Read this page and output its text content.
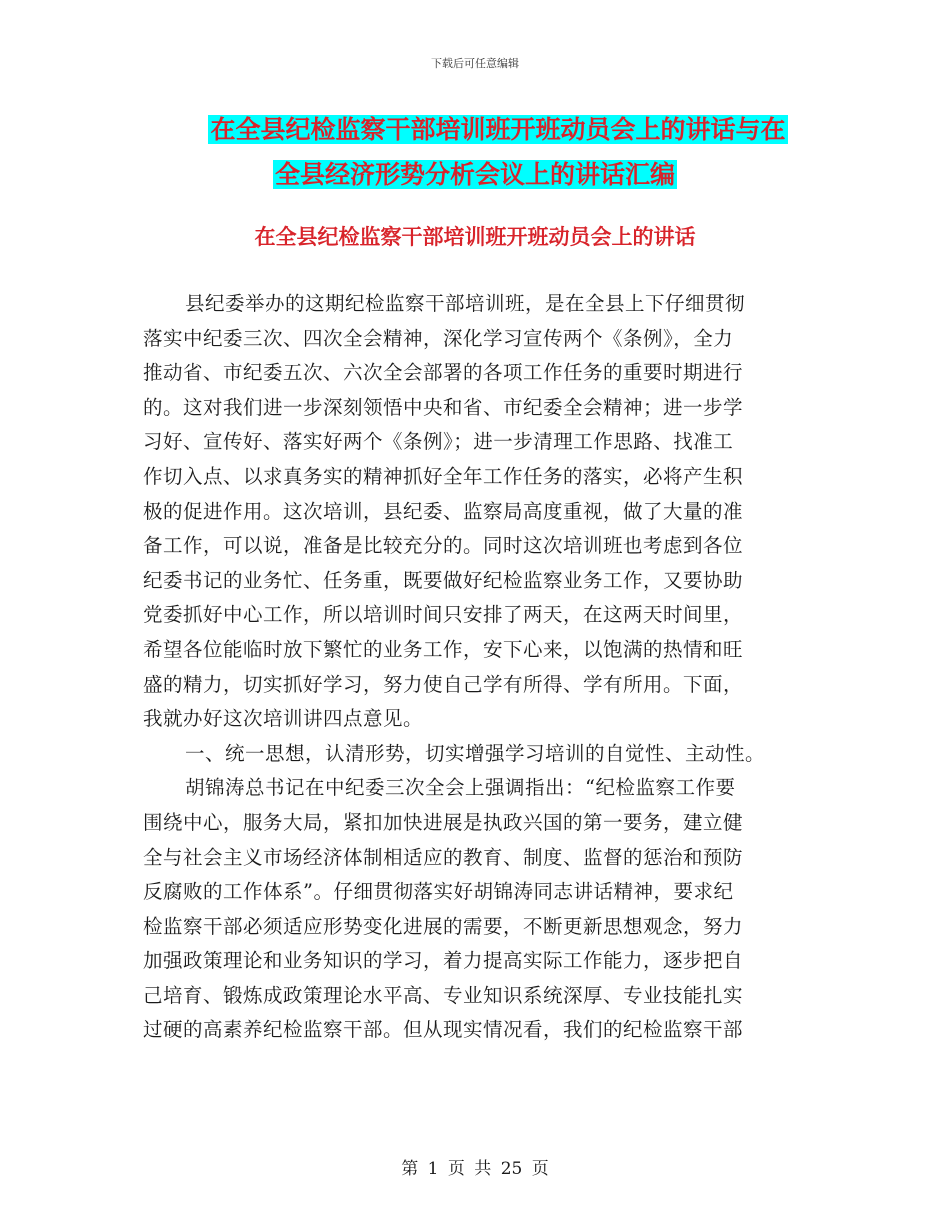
下载后可任意编辑
在全县纪检监察干部培训班开班动员会上的讲话与在
全县经济形势分析会议上的讲话汇编
在全县纪检监察干部培训班开班动员会上的讲话
县纪委举办的这期纪检监察干部培训班，是在全县上下仔细贯彻
落实中纪委三次、四次全会精神，深化学习宣传两个《条例》，全力
推动省、市纪委五次、六次全会部署的各项工作任务的重要时期进行
的。这对我们进一步深刻领悟中央和省、市纪委全会精神；进一步学
习好、宣传好、落实好两个《条例》；进一步清理工作思路、找准工
作切入点、以求真务实的精神抓好全年工作任务的落实，必将产生积
极的促进作用。这次培训，县纪委、监察局高度重视，做了大量的准
备工作，可以说，准备是比较充分的。同时这次培训班也考虑到各位
纪委书记的业务忙、任务重，既要做好纪检监察业务工作，又要协助
党委抓好中心工作，所以培训时间只安排了两天，在这两天时间里，
希望各位能临时放下繁忙的业务工作，安下心来，以饱满的热情和旺
盛的精力，切实抓好学习，努力使自己学有所得、学有所用。下面，
我就办好这次培训讲四点意见。
一、统一思想，认清形势，切实增强学习培训的自觉性、主动性。
胡锦涛总书记在中纪委三次全会上强调指出：“纪检监察工作要
围绕中心，服务大局，紧扣加快进展是执政兴国的第一要务，建立健
全与社会主义市场经济体制相适应的教育、制度、监督的惩治和预防
反腐败的工作体系”。仔细贯彻落实好胡锦涛同志讲话精神，要求纪
检监察干部必须适应形势变化进展的需要，不断更新思想观念，努力
加强政策理论和业务知识的学习，着力提高实际工作能力，逐步把自
己培育、锻炼成政策理论水平高、专业知识系统深厚、专业技能扎实
过硬的高素养纪检监察干部。但从现实情况看，我们的纪检监察干部
第 1 页 共 25 页
